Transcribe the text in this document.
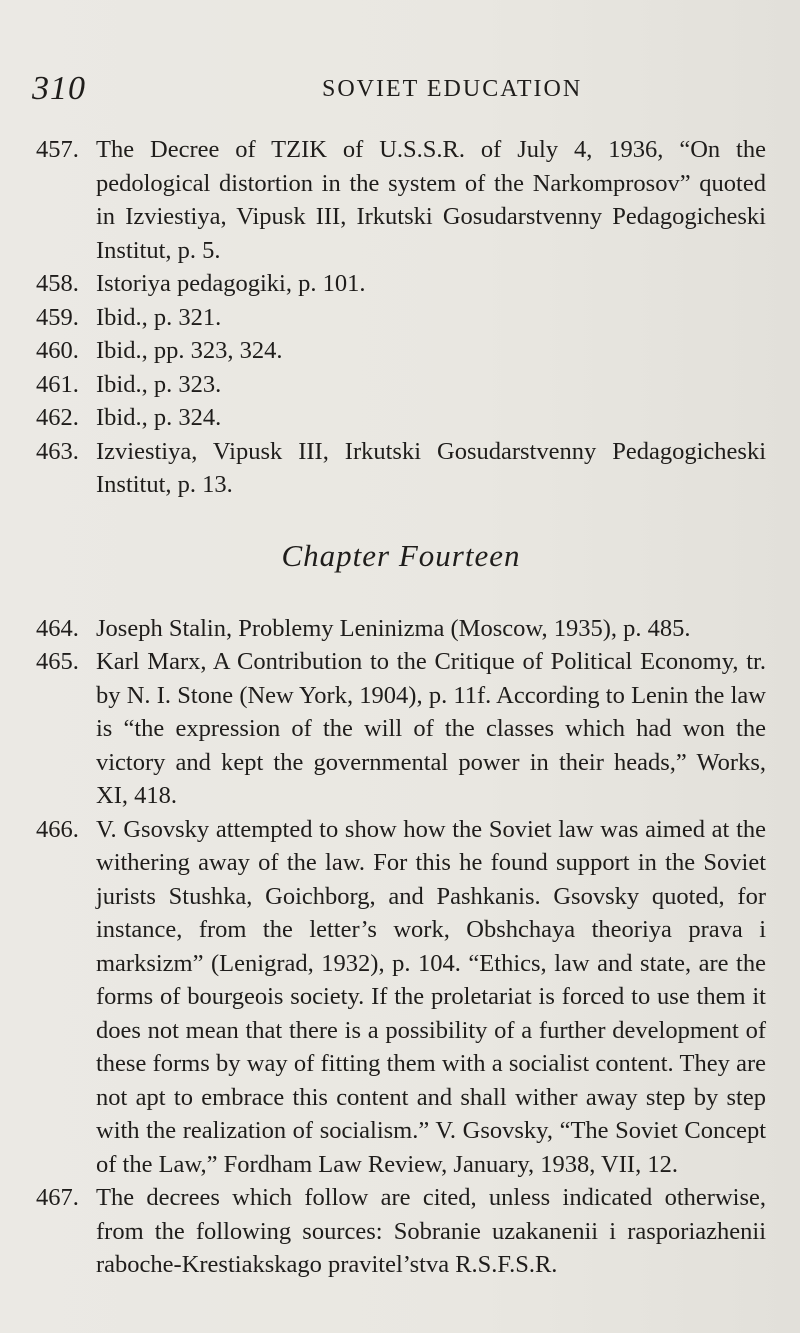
310	SOVIET EDUCATION
457. The Decree of TZIK of U.S.S.R. of July 4, 1936, “On the pedological distortion in the system of the Narkomprosov” quoted in Izviestiya, Vipusk III, Irkutski Gosudarstvenny Pedagogicheski Institut, p. 5.
458. Istoriya pedagogiki, p. 101.
459. Ibid., p. 321.
460. Ibid., pp. 323, 324.
461. Ibid., p. 323.
462. Ibid., p. 324.
463. Izviestiya, Vipusk III, Irkutski Gosudarstvenny Pedagogicheski Institut, p. 13.
Chapter Fourteen
464. Joseph Stalin, Problemy Leninizma (Moscow, 1935), p. 485.
465. Karl Marx, A Contribution to the Critique of Political Economy, tr. by N. I. Stone (New York, 1904), p. 11f. According to Lenin the law is “the expression of the will of the classes which had won the victory and kept the governmental power in their heads,” Works, XI, 418.
466. V. Gsovsky attempted to show how the Soviet law was aimed at the withering away of the law. For this he found support in the Soviet jurists Stushka, Goichborg, and Pashkanis. Gsovsky quoted, for instance, from the letter’s work, Obshchaya theoriya prava i marksizm” (Lenigrad, 1932), p. 104. “Ethics, law and state, are the forms of bourgeois society. If the proletariat is forced to use them it does not mean that there is a possibility of a further development of these forms by way of fitting them with a socialist content. They are not apt to embrace this content and shall wither away step by step with the realization of socialism.” V. Gsovsky, “The Soviet Concept of the Law,” Fordham Law Review, January, 1938, VII, 12.
467. The decrees which follow are cited, unless indicated otherwise, from the following sources: Sobranie uzakanenii i rasporiazhenii raboche-Krestiakskago pravitel’stva R.S.F.S.R.
